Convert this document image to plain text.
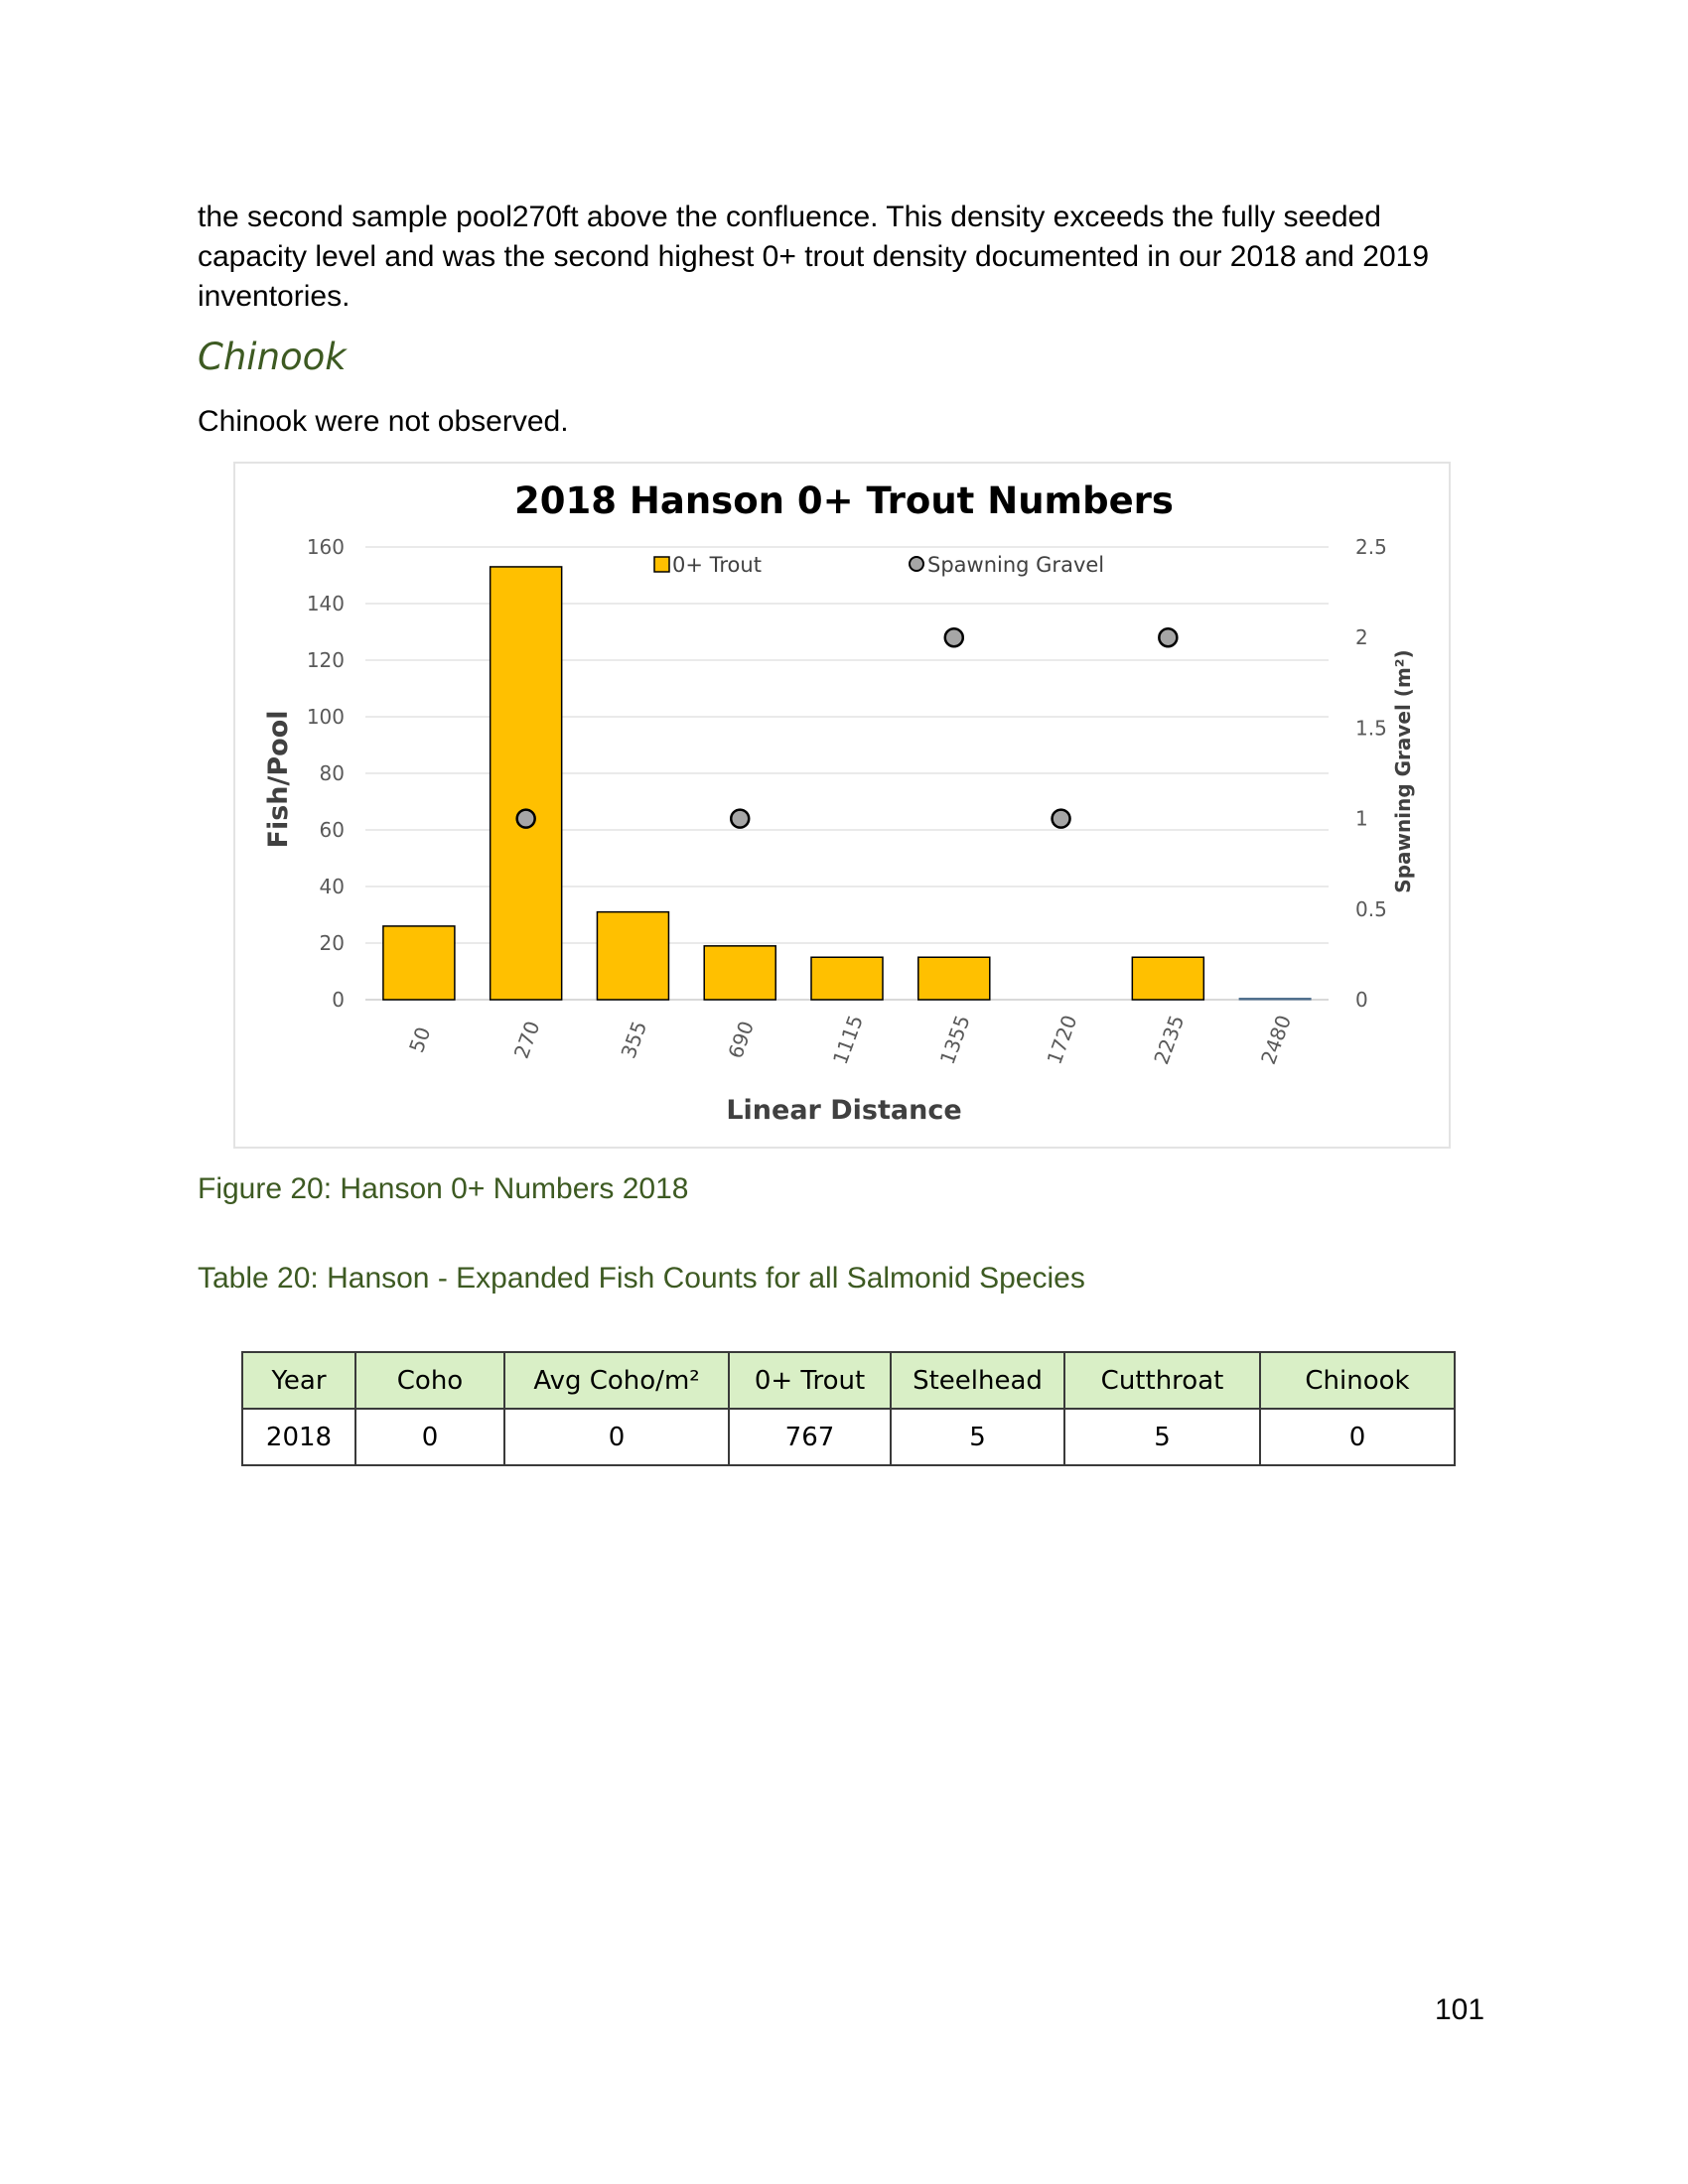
the second sample pool270ft above the confluence. This density exceeds the fully seeded
capacity level and was the second highest 0+ trout density documented in our 2018 and 2019
inventories.
Chinook
Chinook were not observed.
0
20
40
60
80
100
120
140
160
0
0.5
1
1.5
2
2.5
2018 Hanson 0+ Trout Numbers
0+ Trout	Spawning Gravel
50	270	355	690	1115	1355	1720	2235	2480
Linear Distance
Fish/Pool	Spawning Gravel (m²)
Figure 20: Hanson 0+ Numbers 2018
Table 20: Hanson - Expanded Fish Counts for all Salmonid Species
Year	Coho	Avg Coho/m²	0+ Trout	Steelhead	Cutthroat	Chinook
2018	0	0	767	5	5	0
101
